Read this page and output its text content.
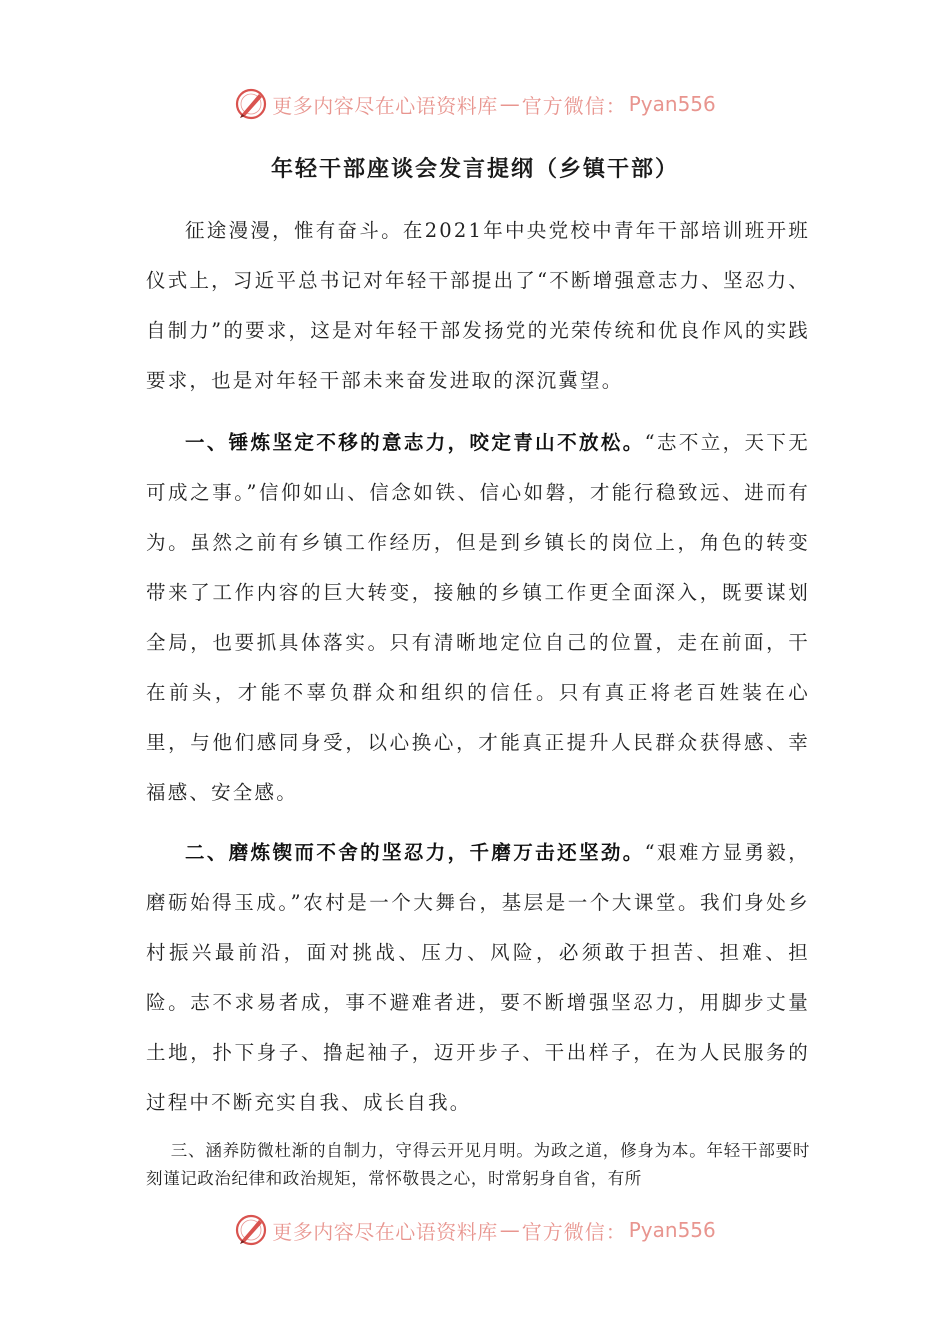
更多内容尽在心语资料库 — 官方微信： Pyan556
年轻干部座谈会发言提纲（乡镇干部）

征途漫漫，惟有奋斗。在2021年中央党校中青年干部培训班开班仪式上，习近平总书记对年轻干部提出了“不断增强意志力、坚忍力、自制力”的要求，这是对年轻干部发扬党的光荣传统和优良作风的实践要求，也是对年轻干部未来奋发进取的深沉冀望。

一、锤炼坚定不移的意志力，咬定青山不放松。“志不立，天下无可成之事。”信仰如山、信念如铁、信心如磐，才能行稳致远、进而有为。虽然之前有乡镇工作经历，但是到乡镇长的岗位上，角色的转变带来了工作内容的巨大转变，接触的乡镇工作更全面深入，既要谋划全局，也要抓具体落实。只有清晰地定位自己的位置，走在前面，干在前头，才能不辜负群众和组织的信任。只有真正将老百姓装在心里，与他们感同身受，以心换心，才能真正提升人民群众获得感、幸福感、安全感。

二、磨炼锲而不舍的坚忍力，千磨万击还坚劲。“艰难方显勇毅，磨砺始得玉成。”农村是一个大舞台，基层是一个大课堂。我们身处乡村振兴最前沿，面对挑战、压力、风险，必须敢于担苦、担难、担险。志不求易者成，事不避难者进，要不断增强坚忍力，用脚步丈量土地，扑下身子、撸起袖子，迈开步子、干出样子，在为人民服务的过程中不断充实自我、成长自我。

三、涵养防微杜渐的自制力，守得云开见月明。为政之道，修身为本。年轻干部要时刻谨记政治纪律和政治规矩，常怀敬畏之心，时常躬身自省，有所

更多内容尽在心语资料库 — 官方微信： Pyan556
